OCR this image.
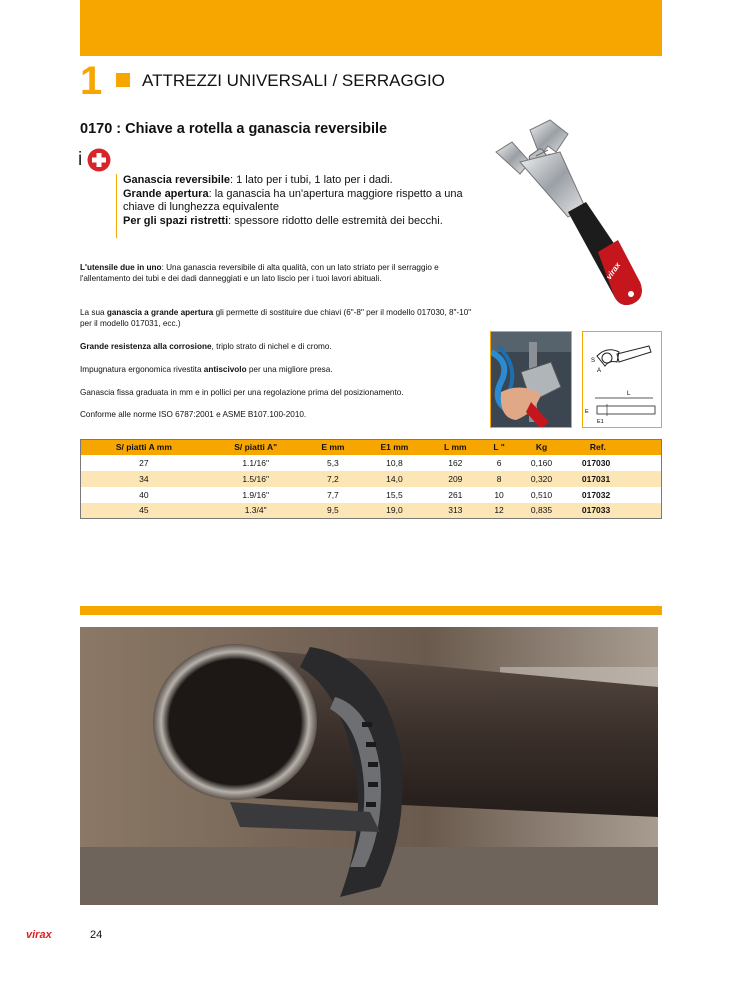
1 ATTREZZI UNIVERSALI / SERRAGGIO
0170 : Chiave a rotella a ganascia reversibile
i
Ganascia reversibile: 1 lato per i tubi, 1 lato per i dadi.
Grande apertura: la ganascia ha un'apertura maggiore rispetto a una chiave di lunghezza equivalente
Per gli spazi ristretti: spessore ridotto delle estremità dei becchi.
L'utensile due in uno: Una ganascia reversibile di alta qualità, con un lato striato per il serraggio e l'allentamento dei tubi e dei dadi danneggiati e un lato liscio per i tuoi lavori abituali.
La sua ganascia a grande apertura gli permette di sostituire due chiavi (6"-8" per il modello 017030, 8"-10" per il modello 017031, ecc.)
Grande resistenza alla corrosione, triplo strato di nichel e di cromo.
Impugnatura ergonomica rivestita antiscivolo per una migliore presa.
Ganascia fissa graduata in mm e in pollici per una regolazione prima del posizionamento.
Conforme alle norme ISO 6787:2001 e ASME B107.100-2010.
virax
S
A
L
E
E1
S/ piatti A mm	S/ piatti A"	E mm	E1 mm	L mm	L "	Kg	Ref.
27	1.1/16"	5,3	10,8	162	6	0,160	017030
34	1.5/16"	7,2	14,0	209	8	0,320	017031
40	1.9/16"	7,7	15,5	261	10	0,510	017032
45	1.3/4"	9,5	19,0	313	12	0,835	017033
virax	24
